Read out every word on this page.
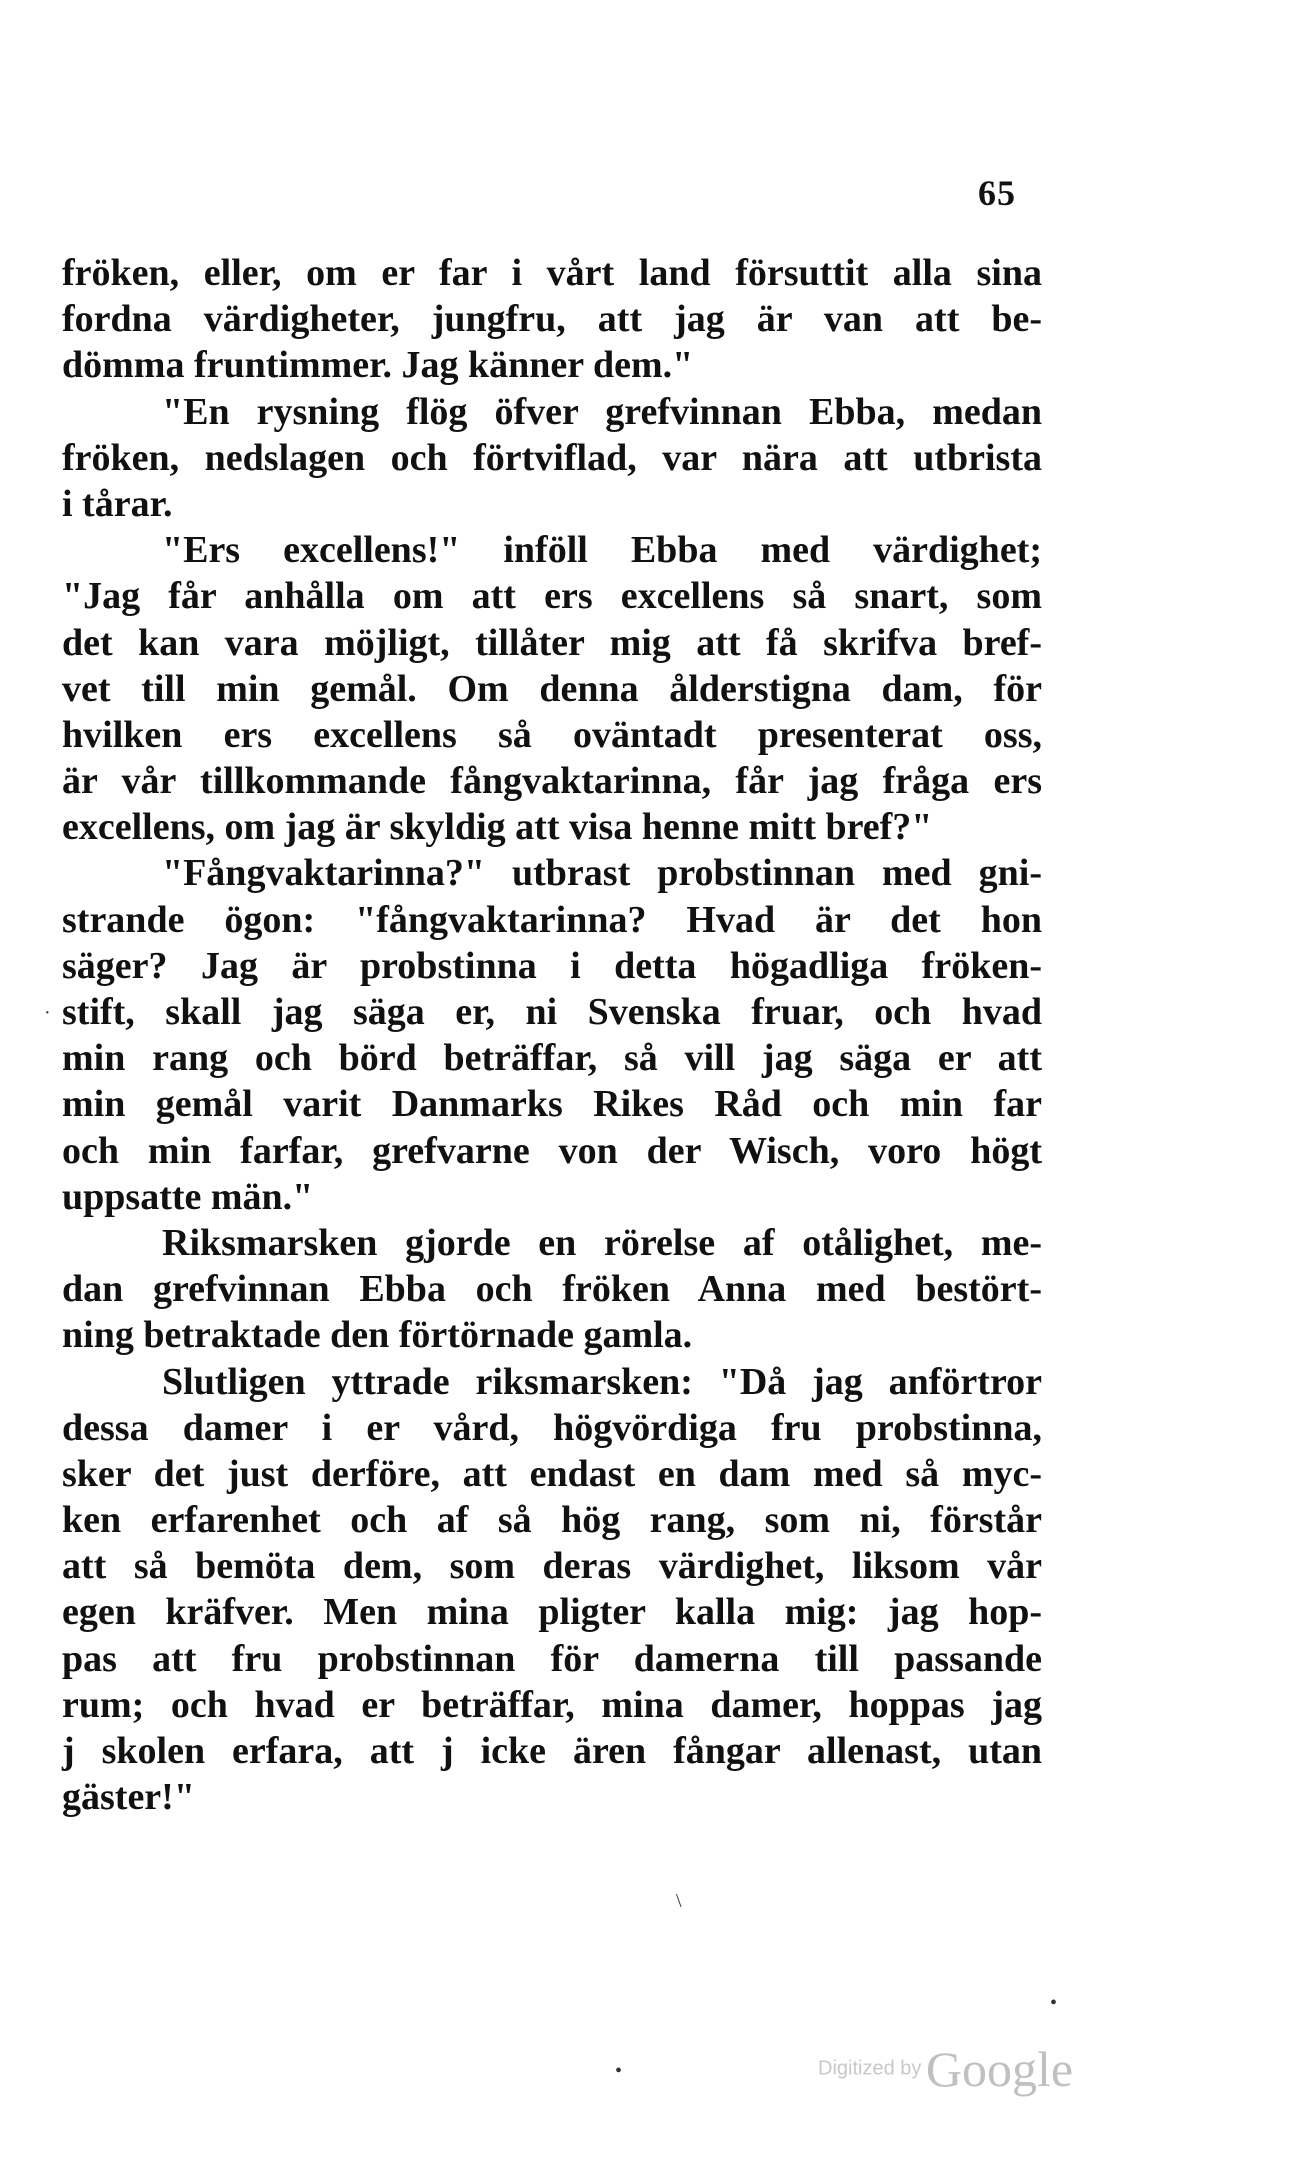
65
fröken, eller, om er far i vårt land försuttit alla sina
fordna värdigheter, jungfru, att jag är van att be-
dömma fruntimmer. Jag känner dem."
"En rysning flög öfver grefvinnan Ebba, medan
fröken, nedslagen och förtviflad, var nära att utbrista
i tårar.
"Ers excellens!" inföll Ebba med värdighet;
"Jag får anhålla om att ers excellens så snart, som
det kan vara möjligt, tillåter mig att få skrifva bref-
vet till min gemål. Om denna ålderstigna dam, för
hvilken ers excellens så oväntadt presenterat oss,
är vår tillkommande fångvaktarinna, får jag fråga ers
excellens, om jag är skyldig att visa henne mitt bref?"
"Fångvaktarinna?" utbrast probstinnan med gni-
strande ögon: "fångvaktarinna? Hvad är det hon
säger? Jag är probstinna i detta högadliga fröken-
stift, skall jag säga er, ni Svenska fruar, och hvad
min rang och börd beträffar, så vill jag säga er att
min gemål varit Danmarks Rikes Råd och min far
och min farfar, grefvarne von der Wisch, voro högt
uppsatte män."
Riksmarsken gjorde en rörelse af otålighet, me-
dan grefvinnan Ebba och fröken Anna med bestört-
ning betraktade den förtörnade gamla.
Slutligen yttrade riksmarsken: "Då jag anförtror
dessa damer i er vård, högvördiga fru probstinna,
sker det just derföre, att endast en dam med så myc-
ken erfarenhet och af så hög rang, som ni, förstår
att så bemöta dem, som deras värdighet, liksom vår
egen kräfver. Men mina pligter kalla mig: jag hop-
pas att fru probstinnan för damerna till passande
rum; och hvad er beträffar, mina damer, hoppas jag
j skolen erfara, att j icke ären fångar allenast, utan
gäster!"
·
\
•
•	Digitized by Google
